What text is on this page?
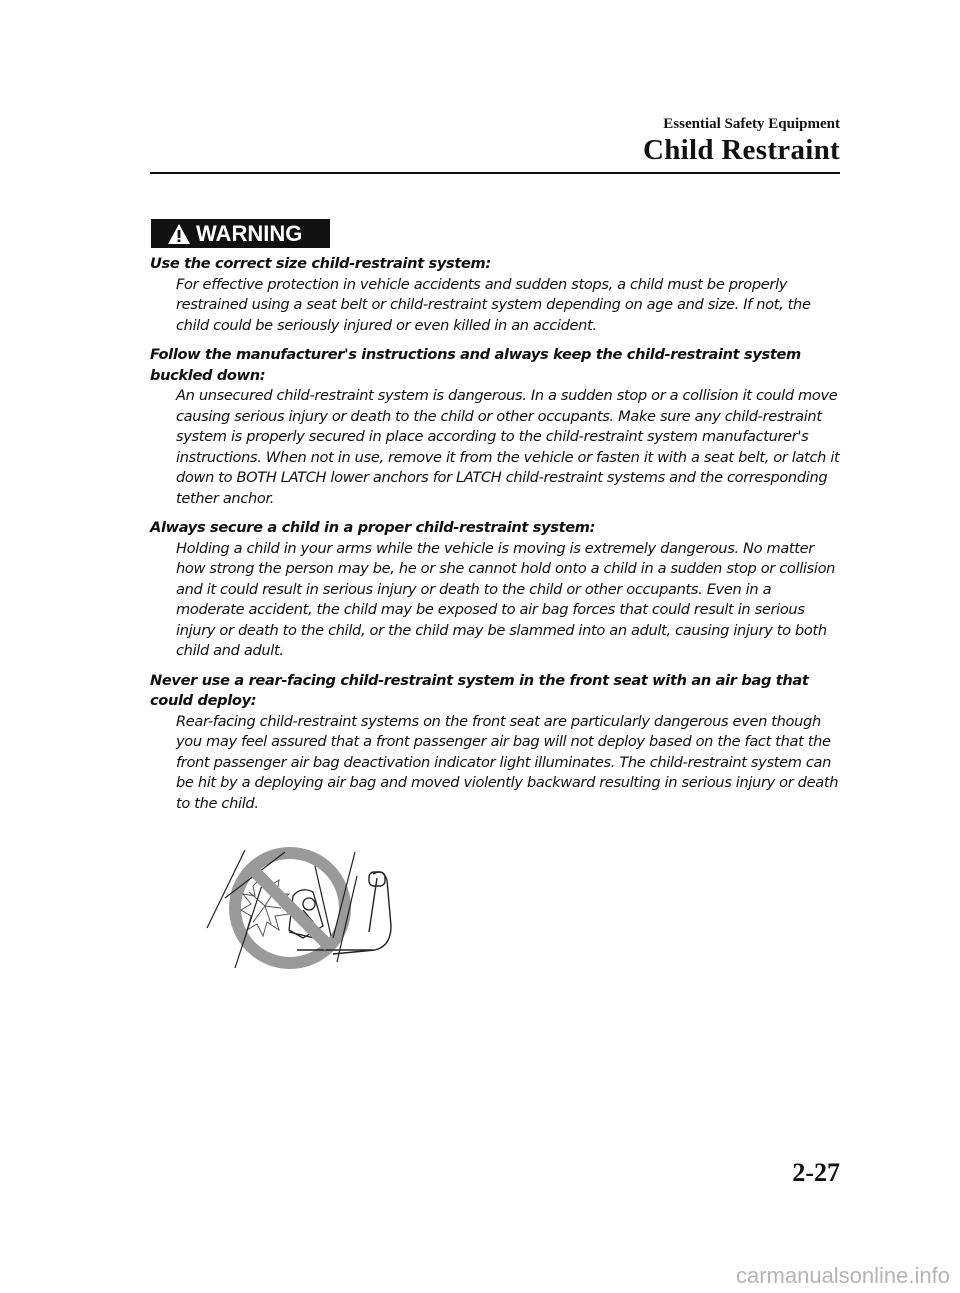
Essential Safety Equipment
Child Restraint
WARNING
Use the correct size child-restraint system:

For effective protection in vehicle accidents and sudden stops, a child must be properly restrained using a seat belt or child-restraint system depending on age and size. If not, the child could be seriously injured or even killed in an accident.

Follow the manufacturer's instructions and always keep the child-restraint system buckled down:

An unsecured child-restraint system is dangerous. In a sudden stop or a collision it could move causing serious injury or death to the child or other occupants. Make sure any child-restraint system is properly secured in place according to the child-restraint system manufacturer's instructions. When not in use, remove it from the vehicle or fasten it with a seat belt, or latch it down to BOTH LATCH lower anchors for LATCH child-restraint systems and the corresponding tether anchor.

Always secure a child in a proper child-restraint system:

Holding a child in your arms while the vehicle is moving is extremely dangerous. No matter how strong the person may be, he or she cannot hold onto a child in a sudden stop or collision and it could result in serious injury or death to the child or other occupants. Even in a moderate accident, the child may be exposed to air bag forces that could result in serious injury or death to the child, or the child may be slammed into an adult, causing injury to both child and adult.

Never use a rear-facing child-restraint system in the front seat with an air bag that could deploy:

Rear-facing child-restraint systems on the front seat are particularly dangerous even though you may feel assured that a front passenger air bag will not deploy based on the fact that the front passenger air bag deactivation indicator light illuminates. The child-restraint system can be hit by a deploying air bag and moved violently backward resulting in serious injury or death to the child.

2-27
carmanualsonline.info
